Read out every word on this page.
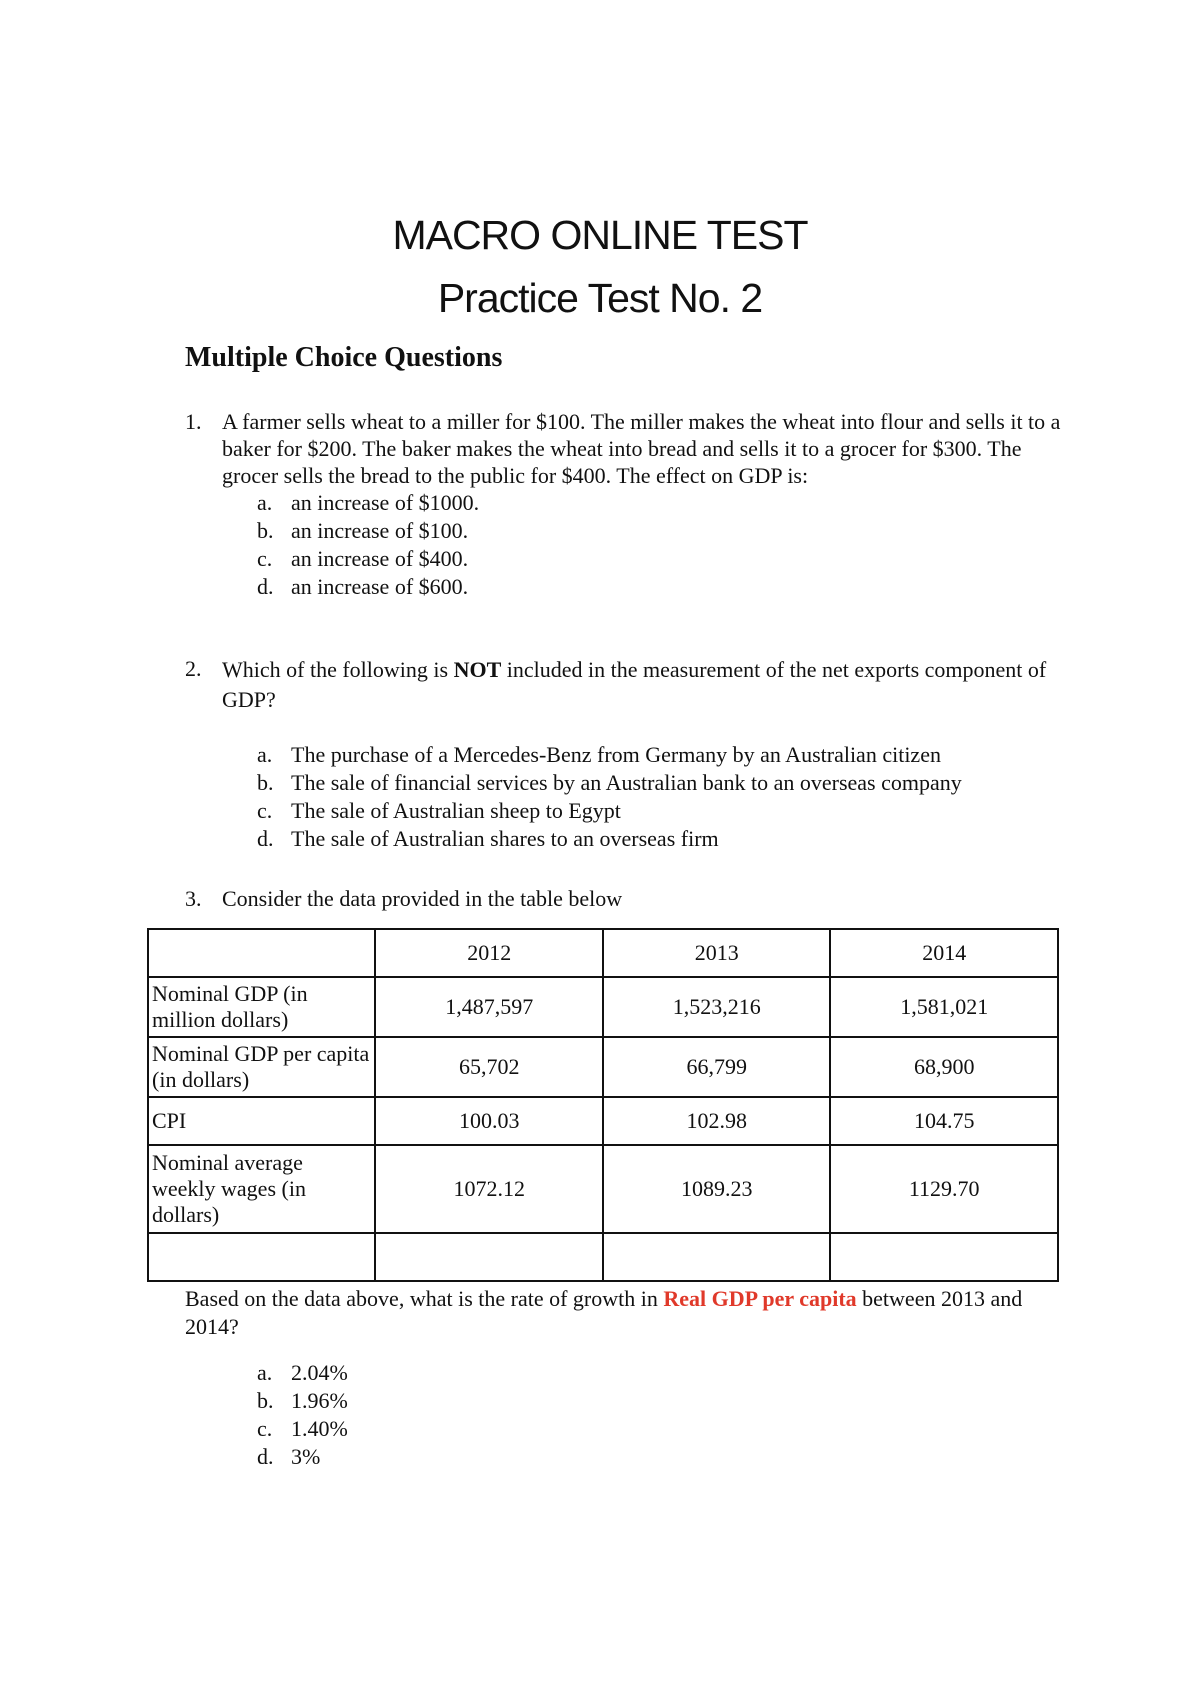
MACRO ONLINE TEST
Practice Test No. 2
Multiple Choice Questions
1. A farmer sells wheat to a miller for $100. The miller makes the wheat into flour and sells it to a baker for $200. The baker makes the wheat into bread and sells it to a grocer for $300. The grocer sells the bread to the public for $400. The effect on GDP is:
a. an increase of $1000.
b. an increase of $100.
c. an increase of $400.
d. an increase of $600.
2. Which of the following is NOT included in the measurement of the net exports component of GDP?
a. The purchase of a Mercedes-Benz from Germany by an Australian citizen
b. The sale of financial services by an Australian bank to an overseas company
c. The sale of Australian sheep to Egypt
d. The sale of Australian shares to an overseas firm
3. Consider the data provided in the table below
	2012	2013	2014
Nominal GDP (in million dollars)	1,487,597	1,523,216	1,581,021
Nominal GDP per capita (in dollars)	65,702	66,799	68,900
CPI	100.03	102.98	104.75
Nominal average weekly wages (in dollars)	1072.12	1089.23	1129.70

Based on the data above, what is the rate of growth in Real GDP per capita between 2013 and 2014?
a. 2.04%
b. 1.96%
c. 1.40%
d. 3%
